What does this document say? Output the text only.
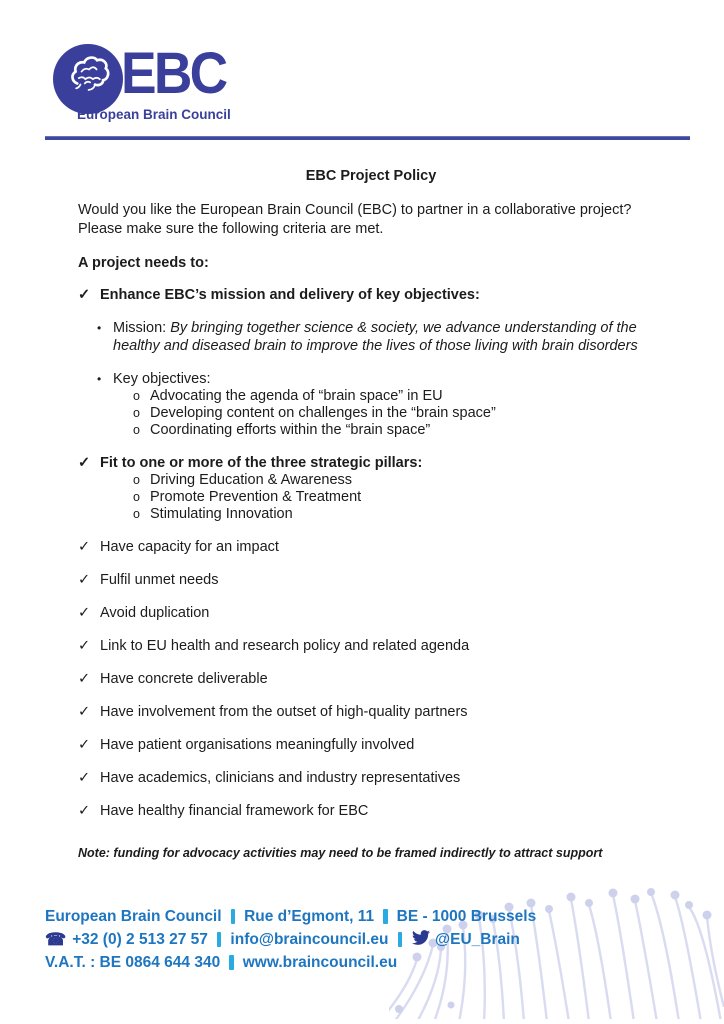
EBC
European Brain Council
EBC Project Policy
Would you like the European Brain Council (EBC) to partner in a collaborative project? Please make sure the following criteria are met.
A project needs to:
✓ Enhance EBC’s mission and delivery of key objectives:
• Mission: By bringing together science & society, we advance understanding of the healthy and diseased brain to improve the lives of those living with brain disorders
• Key objectives:
o Advocating the agenda of “brain space” in EU
o Developing content on challenges in the “brain space”
o Coordinating efforts within the “brain space”
✓ Fit to one or more of the three strategic pillars:
o Driving Education & Awareness
o Promote Prevention & Treatment
o Stimulating Innovation
✓ Have capacity for an impact
✓ Fulfil unmet needs
✓ Avoid duplication
✓ Link to EU health and research policy and related agenda
✓ Have concrete deliverable
✓ Have involvement from the outset of high-quality partners
✓ Have patient organisations meaningfully involved
✓ Have academics, clinicians and industry representatives
✓ Have healthy financial framework for EBC
Note: funding for advocacy activities may need to be framed indirectly to attract support
European Brain Council Rue d’Egmont, 11 BE - 1000 Brussels
☎ +32 (0) 2 513 27 57 info@braincouncil.eu	@EU_Brain
V.A.T. : BE 0864 644 340 www.braincouncil.eu
